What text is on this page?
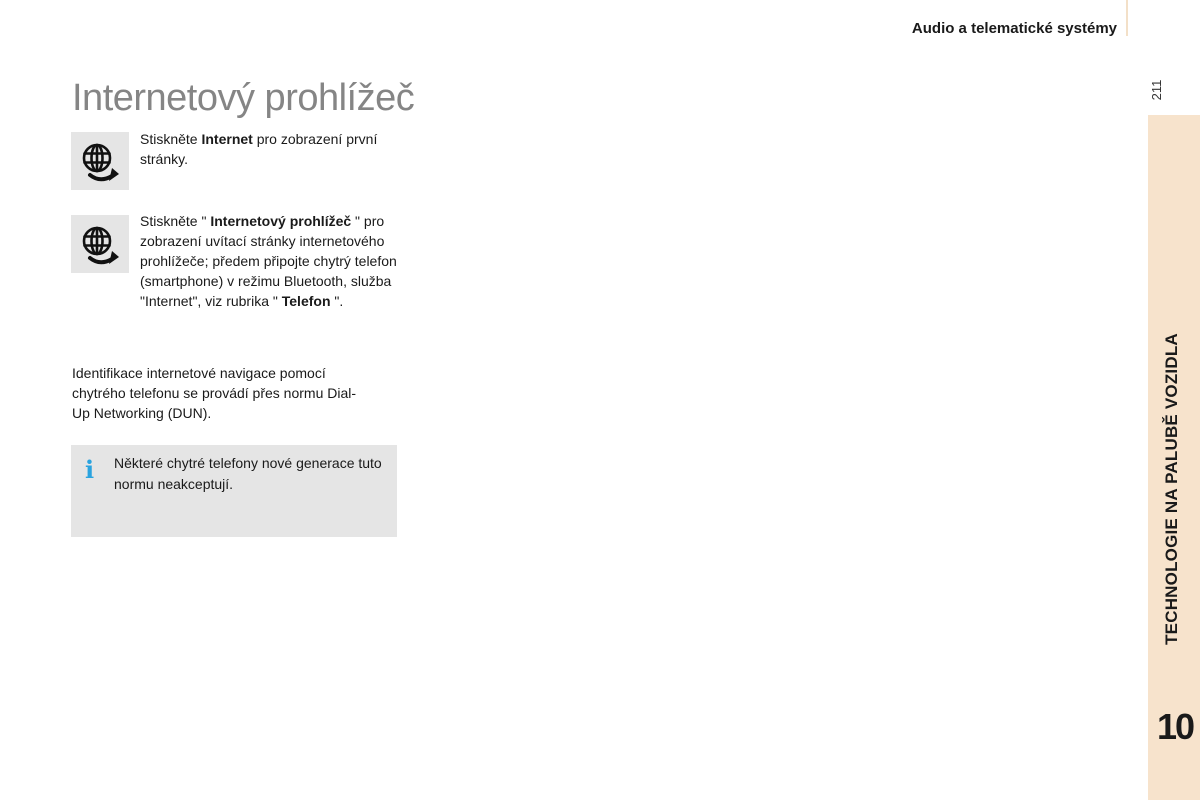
Audio a telematické systémy
211
TECHNOLOGIE NA PALUBĚ VOZIDLA
10
Internetový prohlížeč

Stiskněte Internet pro zobrazení první stránky.

Stiskněte " Internetový prohlížeč " pro zobrazení uvítací stránky internetového prohlížeče; předem připojte chytrý telefon (smartphone) v režimu Bluetooth, služba "Internet", viz rubrika " Telefon ".

Identifikace internetové navigace pomocí chytrého telefonu se provádí přes normu Dial-Up Networking (DUN).

i Některé chytré telefony nové generace tuto normu neakceptují.
